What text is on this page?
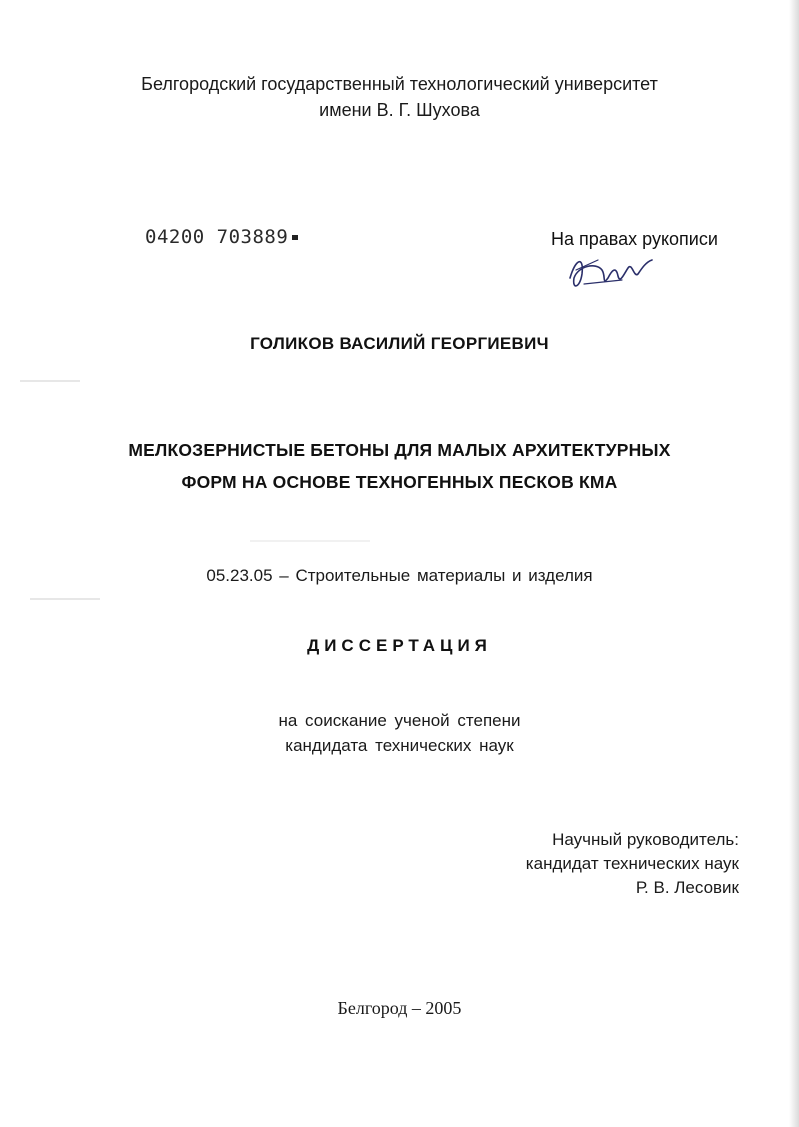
Белгородский государственный технологический университет
имени В. Г. Шухова
04200 703889	На правах рукописи
ГОЛИКОВ ВАСИЛИЙ ГЕОРГИЕВИЧ
МЕЛКОЗЕРНИСТЫЕ БЕТОНЫ ДЛЯ МАЛЫХ АРХИТЕКТУРНЫХ
ФОРМ НА ОСНОВЕ ТЕХНОГЕННЫХ ПЕСКОВ КМА
05.23.05 – Строительные материалы и изделия
ДИССЕРТАЦИЯ
на соискание ученой степени
кандидата технических наук
Научный руководитель:
кандидат технических наук
Р. В. Лесовик
Белгород – 2005
